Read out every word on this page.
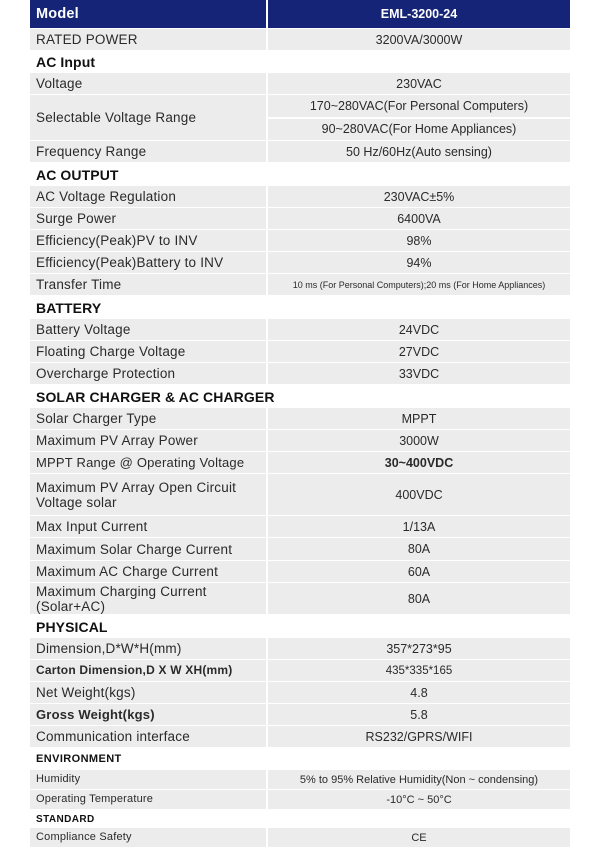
Model	EML-3200-24
RATED POWER	3200VA/3000W
AC Input
Voltage	230VAC
Selectable Voltage Range
170~280VAC(For Personal Computers)
90~280VAC(For Home Appliances)
Frequency Range	50 Hz/60Hz(Auto sensing)
AC OUTPUT
AC Voltage Regulation	230VAC±5%
Surge Power	6400VA
Efficiency(Peak)PV to INV	98%
Efficiency(Peak)Battery to INV	94%
Transfer Time	10 ms (For Personal Computers);20 ms (For Home Appliances)
BATTERY
Battery Voltage	24VDC
Floating Charge Voltage	27VDC
Overcharge Protection	33VDC
SOLAR CHARGER & AC CHARGER
Solar Charger Type	MPPT
Maximum PV Array Power	3000W
MPPT Range @ Operating Voltage	30~400VDC
Maximum PV Array Open Circuit
Voltage solar	400VDC
Max Input Current	1/13A
Maximum Solar Charge Current	80A
Maximum AC Charge Current	60A
Maximum Charging Current
(Solar+AC)	80A
PHYSICAL
Dimension,D*W*H(mm)	357*273*95
Carton Dimension,D X W XH(mm)	435*335*165
Net Weight(kgs)	4.8
Gross Weight(kgs)	5.8
Communication interface	RS232/GPRS/WIFI
ENVIRONMENT
Humidity	5% to 95% Relative Humidity(Non ~ condensing)
Operating Temperature	-10°C ~ 50°C
STANDARD
Compliance Safety	CE
